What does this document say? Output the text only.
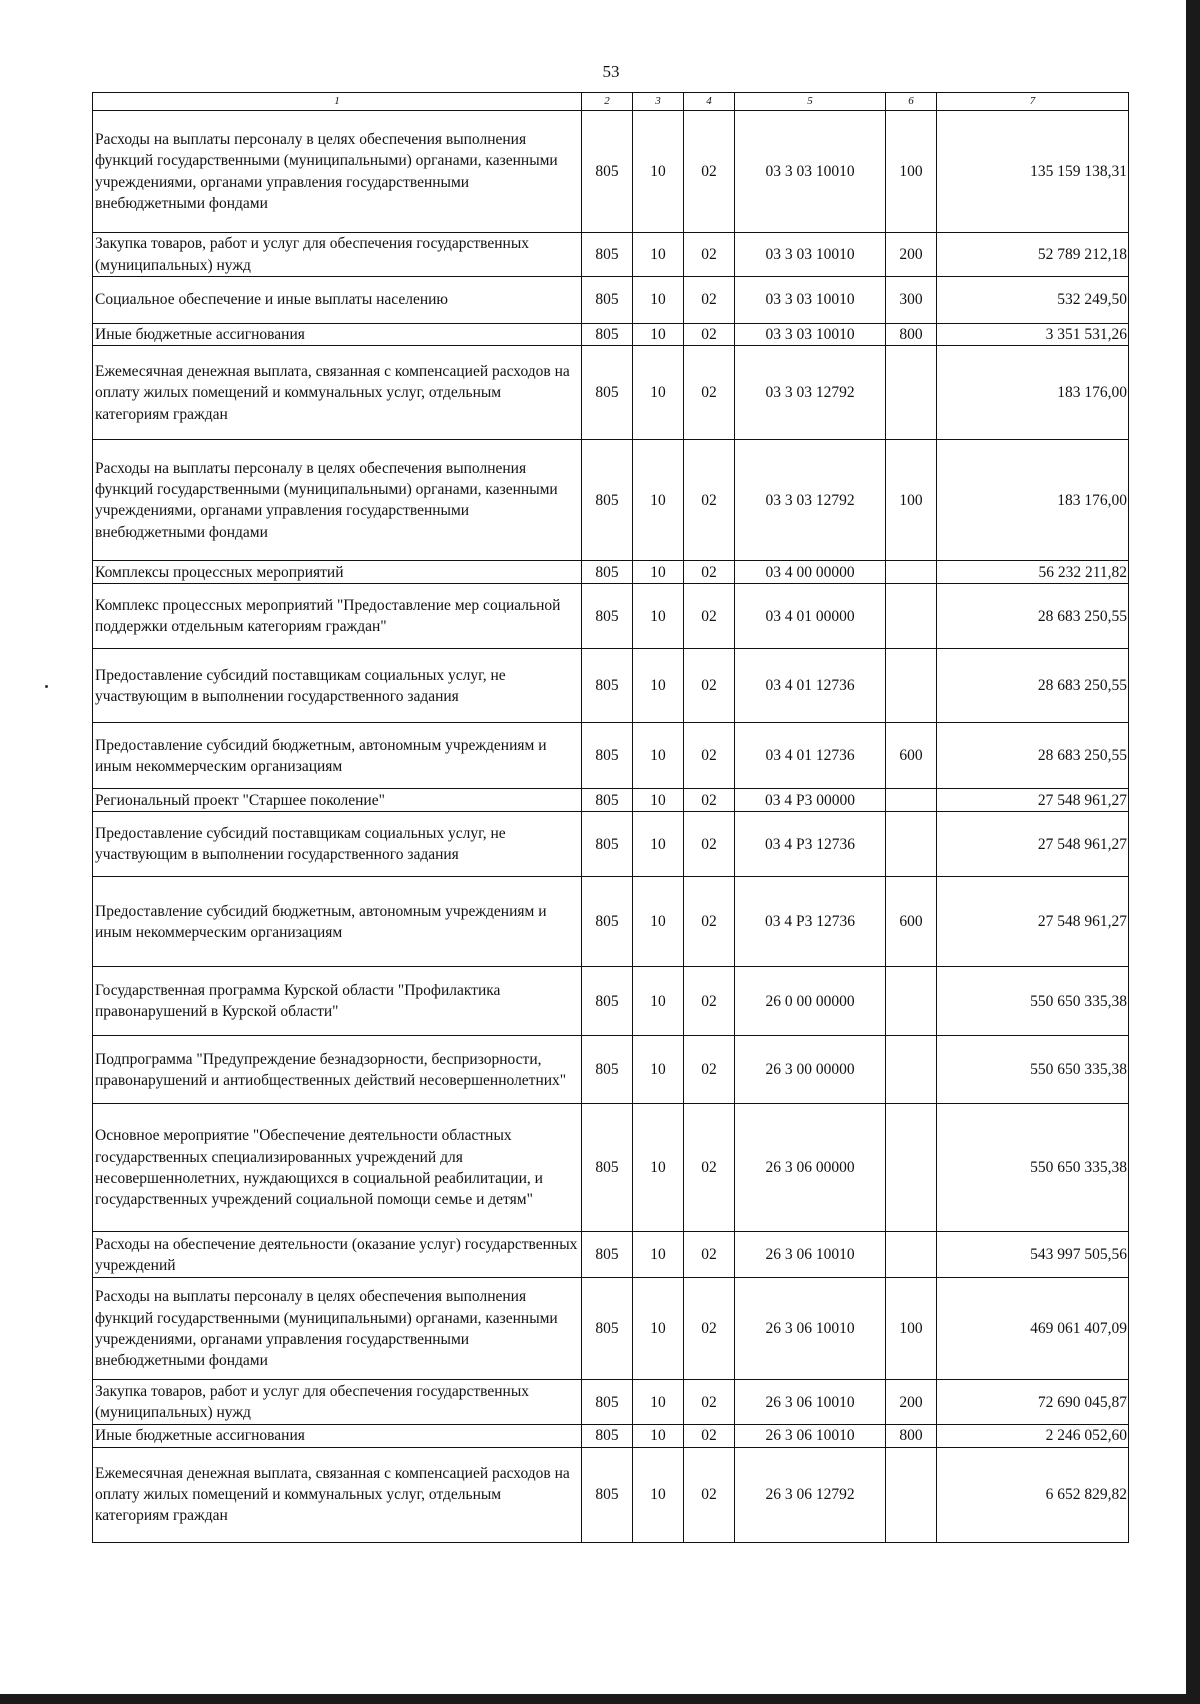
53
1	2	3	4	5	6	7
Расходы на выплаты персоналу в целях обеспечения выполнения функций государственными (муниципальными) органами, казенными учреждениями, органами управления государственными внебюджетными фондами	805	10	02	03 3 03 10010	100	135 159 138,31
Закупка товаров, работ и услуг для обеспечения государственных (муниципальных) нужд	805	10	02	03 3 03 10010	200	52 789 212,18
Социальное обеспечение и иные выплаты населению	805	10	02	03 3 03 10010	300	532 249,50
Иные бюджетные ассигнования	805	10	02	03 3 03 10010	800	3 351 531,26
Ежемесячная денежная выплата, связанная с компенсацией расходов на оплату жилых помещений и коммунальных услуг, отдельным категориям граждан	805	10	02	03 3 03 12792		183 176,00
Расходы на выплаты персоналу в целях обеспечения выполнения функций государственными (муниципальными) органами, казенными учреждениями, органами управления государственными внебюджетными фондами	805	10	02	03 3 03 12792	100	183 176,00
Комплексы процессных мероприятий	805	10	02	03 4 00 00000		56 232 211,82
Комплекс процессных мероприятий "Предоставление мер социальной поддержки отдельным категориям граждан"	805	10	02	03 4 01 00000		28 683 250,55
Предоставление субсидий поставщикам социальных услуг, не участвующим в выполнении государственного задания	805	10	02	03 4 01 12736		28 683 250,55
Предоставление субсидий бюджетным, автономным учреждениям и иным некоммерческим организациям	805	10	02	03 4 01 12736	600	28 683 250,55
Региональный проект "Старшее поколение"	805	10	02	03 4 P3 00000		27 548 961,27
Предоставление субсидий поставщикам социальных услуг, не участвующим в выполнении государственного задания	805	10	02	03 4 P3 12736		27 548 961,27
Предоставление субсидий бюджетным, автономным учреждениям и иным некоммерческим организациям	805	10	02	03 4 P3 12736	600	27 548 961,27
Государственная программа Курской области "Профилактика правонарушений в Курской области"	805	10	02	26 0 00 00000		550 650 335,38
Подпрограмма "Предупреждение безнадзорности, беспризорности, правонарушений и антиобщественных действий несовершеннолетних"	805	10	02	26 3 00 00000		550 650 335,38
Основное мероприятие "Обеспечение деятельности областных государственных специализированных учреждений для несовершеннолетних, нуждающихся в социальной реабилитации, и государственных учреждений социальной помощи семье и детям"	805	10	02	26 3 06 00000		550 650 335,38
Расходы на обеспечение деятельности (оказание услуг) государственных учреждений	805	10	02	26 3 06 10010		543 997 505,56
Расходы на выплаты персоналу в целях обеспечения выполнения функций государственными (муниципальными) органами, казенными учреждениями, органами управления государственными внебюджетными фондами	805	10	02	26 3 06 10010	100	469 061 407,09
Закупка товаров, работ и услуг для обеспечения государственных (муниципальных) нужд	805	10	02	26 3 06 10010	200	72 690 045,87
Иные бюджетные ассигнования	805	10	02	26 3 06 10010	800	2 246 052,60
Ежемесячная денежная выплата, связанная с компенсацией расходов на оплату жилых помещений и коммунальных услуг, отдельным категориям граждан	805	10	02	26 3 06 12792		6 652 829,82
